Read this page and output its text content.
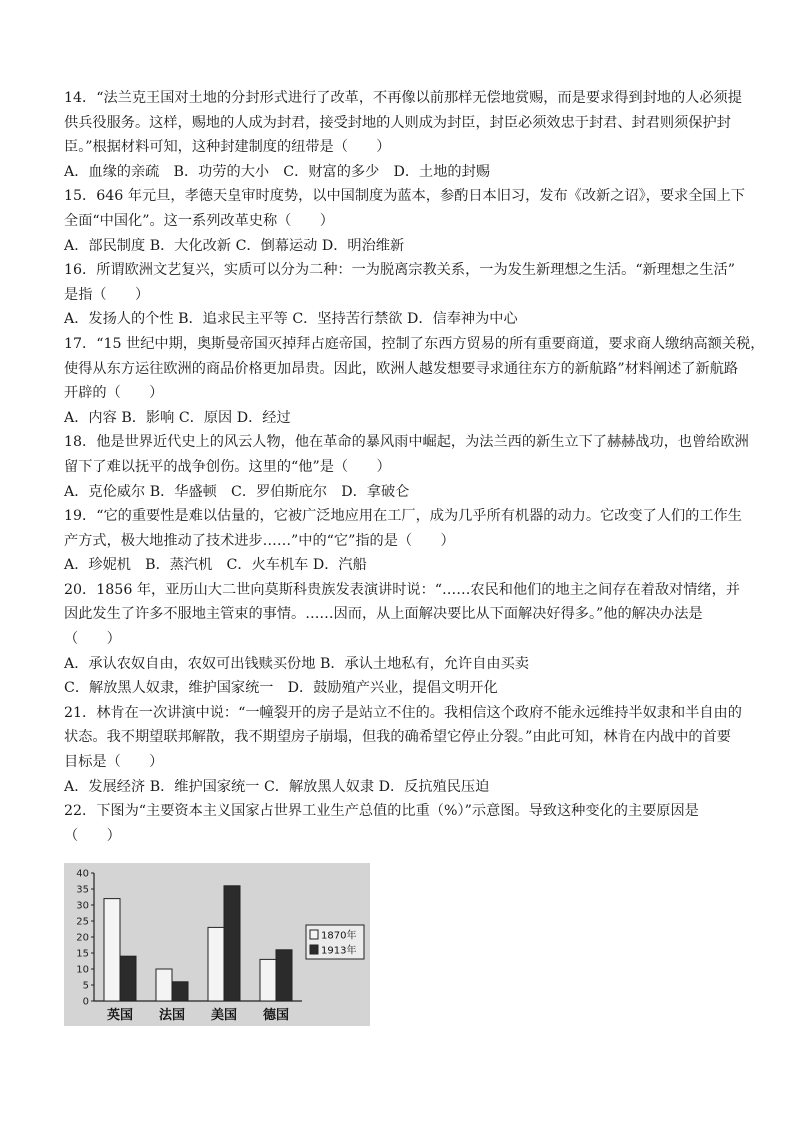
14．“法兰克王国对土地的分封形式进行了改革，不再像以前那样无偿地赏赐，而是要求得到封地的人必须提
供兵役服务。这样，赐地的人成为封君，接受封地的人则成为封臣，封臣必须效忠于封君、封君则须保护封
臣。”根据材料可知，这种封建制度的纽带是（　　）
A．血缘的亲疏　B．功劳的大小　C．财富的多少　D．土地的封赐
15．646 年元旦，孝德天皇审时度势，以中国制度为蓝本，参酌日本旧习，发布《改新之诏》，要求全国上下
全面“中国化”。这一系列改革史称（　　）
A．部民制度 B．大化改新 C．倒幕运动 D．明治维新
16．所谓欧洲文艺复兴，实质可以分为二种：一为脱离宗教关系，一为发生新理想之生活。“新理想之生活”
是指（　　）
A．发扬人的个性 B．追求民主平等 C．坚持苦行禁欲 D．信奉神为中心
17．“15 世纪中期，奥斯曼帝国灭掉拜占庭帝国，控制了东西方贸易的所有重要商道，要求商人缴纳高额关税，
使得从东方运往欧洲的商品价格更加昂贵。因此，欧洲人越发想要寻求通往东方的新航路”材料阐述了新航路
开辟的（　　）
A．内容 B．影响 C．原因 D．经过
18．他是世界近代史上的风云人物，他在革命的暴风雨中崛起，为法兰西的新生立下了赫赫战功，也曾给欧洲
留下了难以抚平的战争创伤。这里的“他”是（　　）
A．克伦威尔 B．华盛顿　C．罗伯斯庇尔　D．拿破仑
19．“它的重要性是难以估量的，它被广泛地应用在工厂，成为几乎所有机器的动力。它改变了人们的工作生
产方式，极大地推动了技术进步……”中的“它”指的是（　　）
A．珍妮机　B．蒸汽机　C．火车机车 D．汽船
20．1856 年，亚历山大二世向莫斯科贵族发表演讲时说：“……农民和他们的地主之间存在着敌对情绪，并
因此发生了许多不服地主管束的事情。……因而，从上面解决要比从下面解决好得多。”他的解决办法是
（　　）
A．承认农奴自由，农奴可出钱赎买份地 B．承认土地私有，允许自由买卖
C．解放黑人奴隶，维护国家统一　D．鼓励殖产兴业，提倡文明开化
21．林肯在一次讲演中说：“一幢裂开的房子是站立不住的。我相信这个政府不能永远维持半奴隶和半自由的
状态。我不期望联邦解散，我不期望房子崩塌，但我的确希望它停止分裂。”由此可知，林肯在内战中的首要
目标是（　　）
A．发展经济 B．维护国家统一 C．解放黑人奴隶 D．反抗殖民压迫
22．下图为“主要资本主义国家占世界工业生产总值的比重（%）”示意图。导致这种变化的主要原因是
（　　）
40
35
30
25
20
15
10
5
0
英国 法国 美国 德国
1870年
1913年
